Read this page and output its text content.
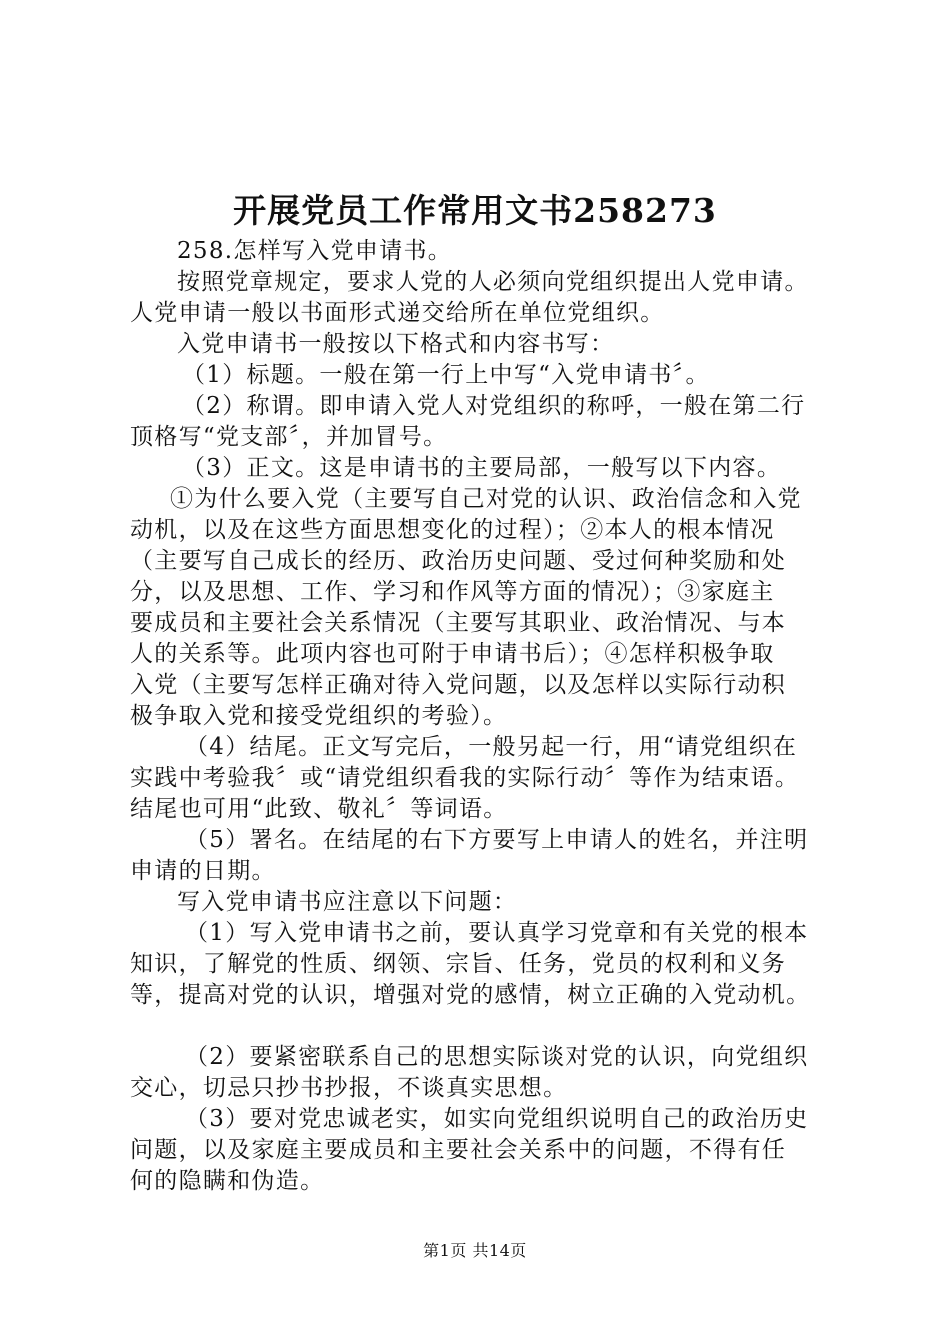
开展党员工作常用文书258273
258.怎样写入党申请书。
按照党章规定，要求人党的人必须向党组织提出人党申请。
人党申请一般以书面形式递交给所在单位党组织。
入党申请书一般按以下格式和内容书写：
（1）标题。一般在第一行上中写“入党申请书〞。
（2）称谓。即申请入党人对党组织的称呼，一般在第二行
顶格写“党支部〞，并加冒号。
（3）正文。这是申请书的主要局部，一般写以下内容。
①为什么要入党（主要写自己对党的认识、政治信念和入党
动机，以及在这些方面思想变化的过程）；②本人的根本情况
（主要写自己成长的经历、政治历史问题、受过何种奖励和处
分，以及思想、工作、学习和作风等方面的情况）；③家庭主
要成员和主要社会关系情况（主要写其职业、政治情况、与本
人的关系等。此项内容也可附于申请书后）；④怎样积极争取
入党（主要写怎样正确对待入党问题，以及怎样以实际行动积
极争取入党和接受党组织的考验）。
（4）结尾。正文写完后，一般另起一行，用“请党组织在
实践中考验我〞或“请党组织看我的实际行动〞等作为结束语。
结尾也可用“此致、敬礼〞等词语。
（5）署名。在结尾的右下方要写上申请人的姓名，并注明
申请的日期。
写入党申请书应注意以下问题：
（1）写入党申请书之前，要认真学习党章和有关党的根本
知识，了解党的性质、纲领、宗旨、任务，党员的权利和义务
等，提高对党的认识，增强对党的感情，树立正确的入党动机。
（2）要紧密联系自己的思想实际谈对党的认识，向党组织
交心，切忌只抄书抄报，不谈真实思想。
（3）要对党忠诚老实，如实向党组织说明自己的政治历史
问题，以及家庭主要成员和主要社会关系中的问题，不得有任
何的隐瞒和伪造。
第1页 共14页
